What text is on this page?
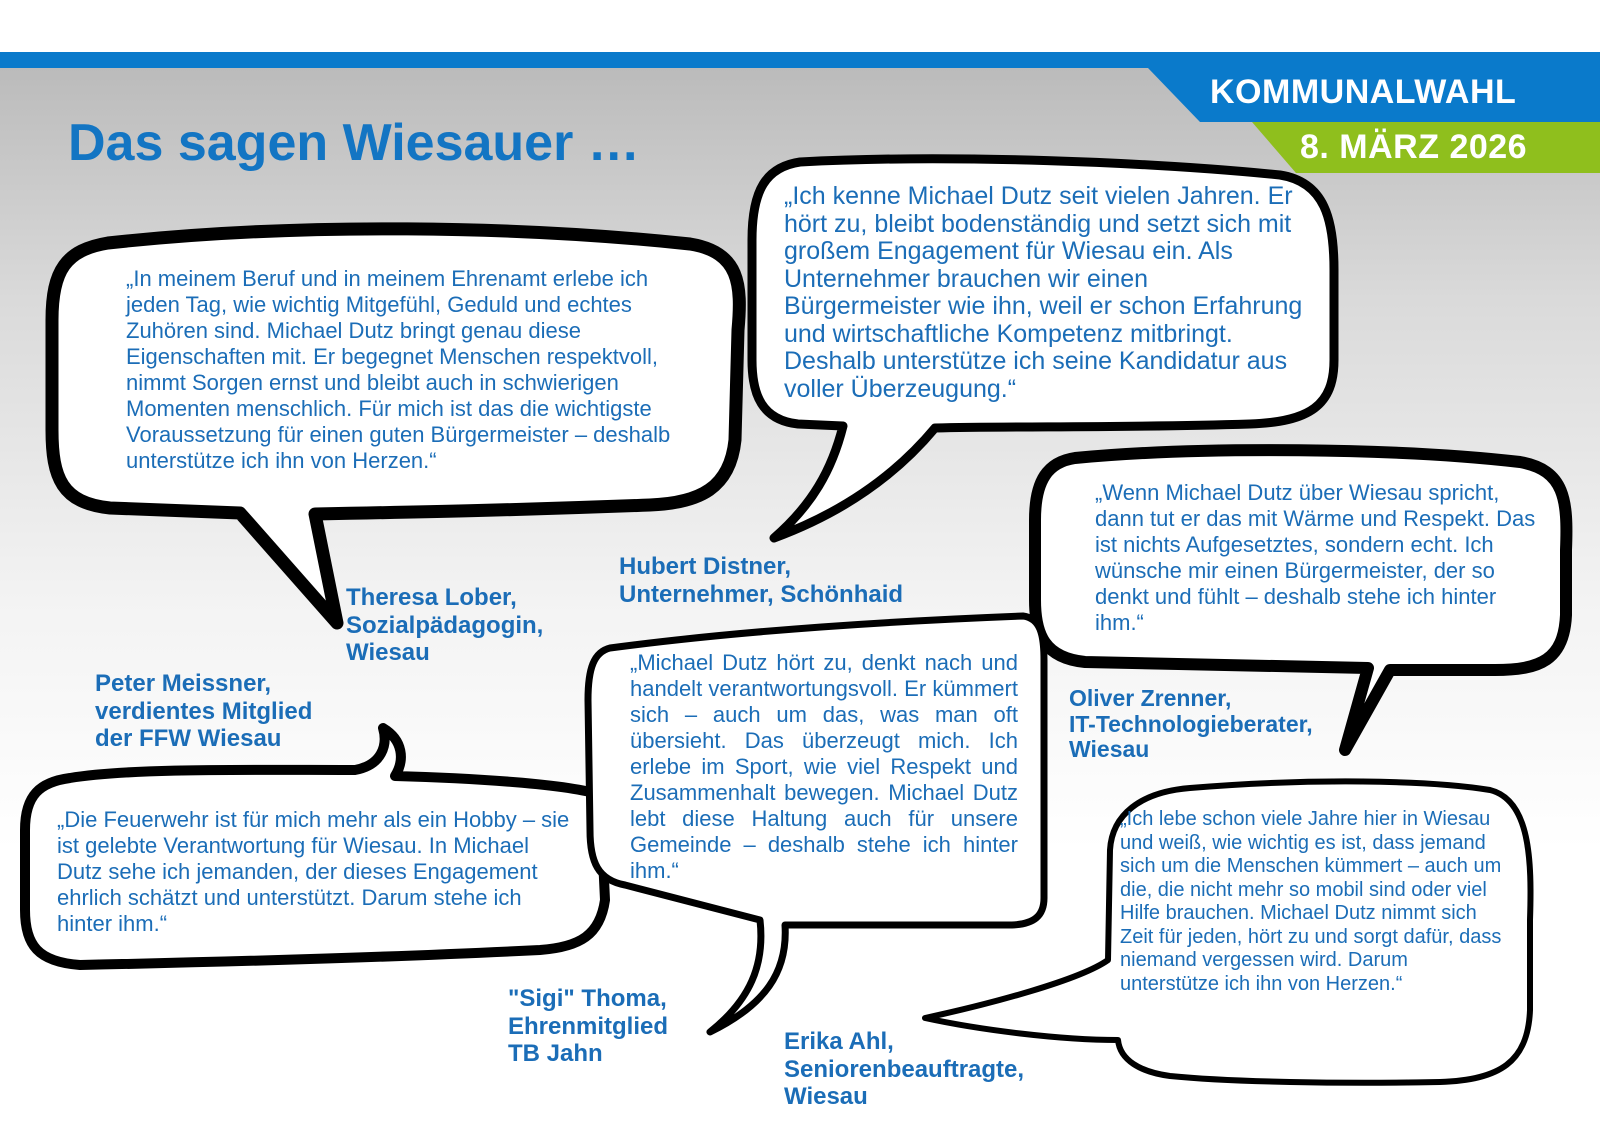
KOMMUNALWAHL
8. MÄRZ 2026
Das sagen Wiesauer …

„In meinem Beruf und in meinem Ehrenamt erlebe ich jeden Tag, wie wichtig Mitgefühl, Geduld und echtes Zuhören sind. Michael Dutz bringt genau diese Eigenschaften mit. Er begegnet Menschen respektvoll, nimmt Sorgen ernst und bleibt auch in schwierigen Momenten menschlich. Für mich ist das die wichtigste Voraussetzung für einen guten Bürgermeister – deshalb unterstütze ich ihn von Herzen.“

„Ich kenne Michael Dutz seit vielen Jahren. Er hört zu, bleibt bodenständig und setzt sich mit großem Engagement für Wiesau ein. Als Unternehmer brauchen wir einen Bürgermeister wie ihn, weil er schon Erfahrung und wirtschaftliche Kompetenz mitbringt. Deshalb unterstütze ich seine Kandidatur aus voller Überzeugung.“

„Wenn Michael Dutz über Wiesau spricht, dann tut er das mit Wärme und Respekt. Das ist nichts Aufgesetztes, sondern echt. Ich wünsche mir einen Bürgermeister, der so denkt und fühlt – deshalb stehe ich hinter ihm.“

„Die Feuerwehr ist für mich mehr als ein Hobby – sie ist gelebte Verantwortung für Wiesau. In Michael Dutz sehe ich jemanden, der dieses Engagement ehrlich schätzt und unterstützt. Darum stehe ich hinter ihm.“

„Michael Dutz hört zu, denkt nach und handelt verantwortungsvoll. Er kümmert sich – auch um das, was man oft übersieht. Das überzeugt mich. Ich erlebe im Sport, wie viel Respekt und Zusammenhalt bewegen. Michael Dutz lebt diese Haltung auch für unsere Gemeinde – deshalb stehe ich hinter ihm.“

„Ich lebe schon viele Jahre hier in Wiesau und weiß, wie wichtig es ist, dass jemand sich um die Menschen kümmert – auch um die, die nicht mehr so mobil sind oder viel Hilfe brauchen. Michael Dutz nimmt sich Zeit für jeden, hört zu und sorgt dafür, dass niemand vergessen wird. Darum unterstütze ich ihn von Herzen.“

Theresa Lober,
Sozialpädagogin,
Wiesau
Hubert Distner,
Unternehmer, Schönhaid
Oliver Zrenner,
IT-Technologieberater,
Wiesau
Peter Meissner,
verdientes Mitglied
der FFW Wiesau
"Sigi" Thoma,
Ehrenmitglied
TB Jahn	Erika Ahl,
Seniorenbeauftragte,
Wiesau
